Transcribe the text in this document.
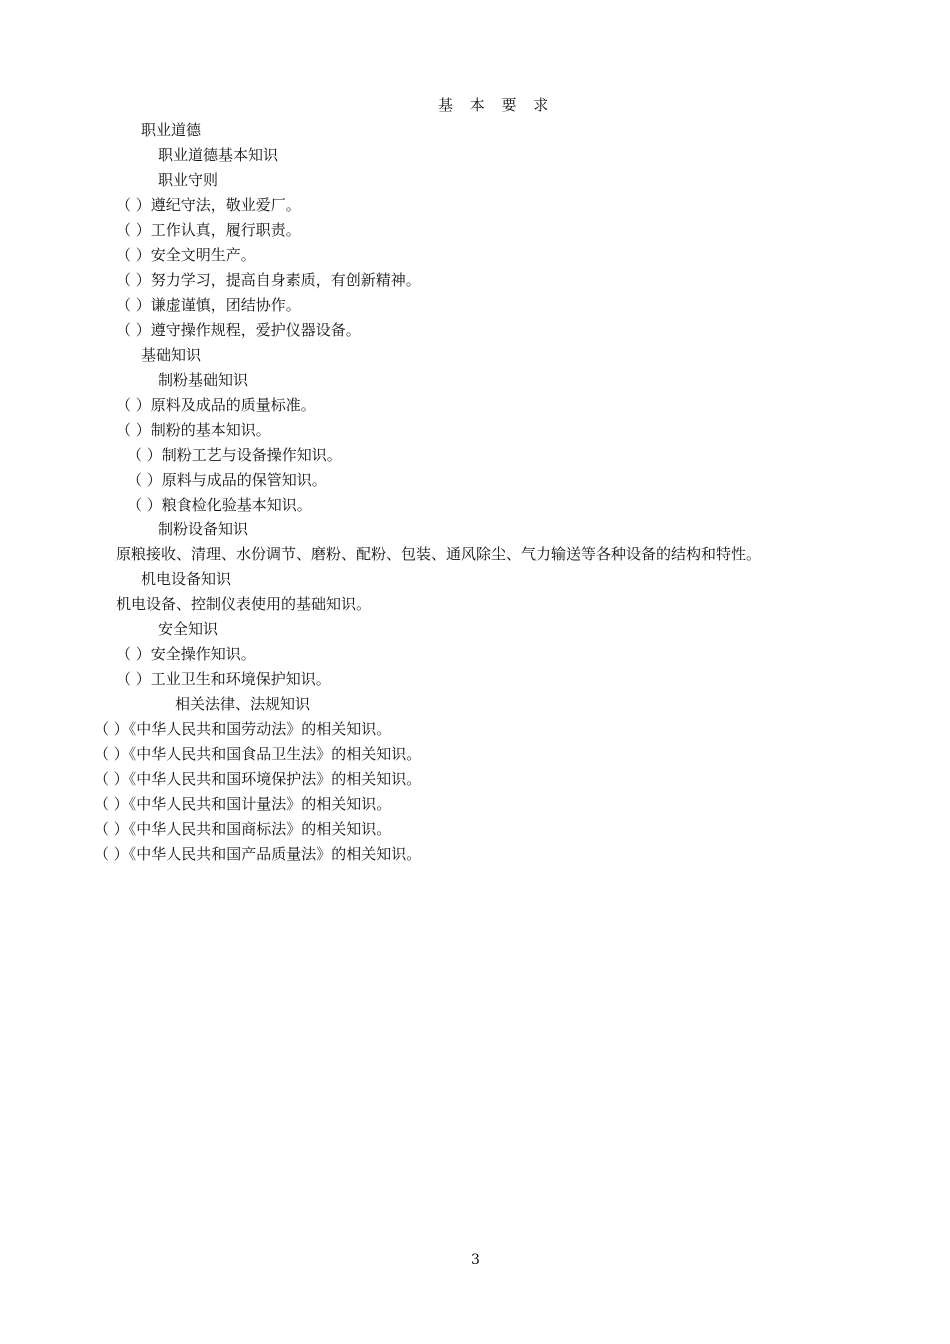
基 本 要 求
职业道德
职业道德基本知识
职业守则
（ ）遵纪守法，敬业爱厂。
（ ）工作认真，履行职责。
（ ）安全文明生产。
（ ）努力学习，提高自身素质，有创新精神。
（ ）谦虚谨慎，团结协作。
（ ）遵守操作规程，爱护仪器设备。
基础知识
制粉基础知识
（ ）原料及成品的质量标准。
（ ）制粉的基本知识。
（ ）制粉工艺与设备操作知识。
（ ）原料与成品的保管知识。
（ ）粮食检化验基本知识。
制粉设备知识
原粮接收、清理、水份调节、磨粉、配粉、包装、通风除尘、气力输送等各种设备的结构和特性。
机电设备知识
机电设备、控制仪表使用的基础知识。
安全知识
（ ）安全操作知识。
（ ）工业卫生和环境保护知识。
相关法律、法规知识
（ ）《中华人民共和国劳动法》的相关知识。
（ ）《中华人民共和国食品卫生法》的相关知识。
（ ）《中华人民共和国环境保护法》的相关知识。
（ ）《中华人民共和国计量法》的相关知识。
（ ）《中华人民共和国商标法》的相关知识。
（ ）《中华人民共和国产品质量法》的相关知识。
3
